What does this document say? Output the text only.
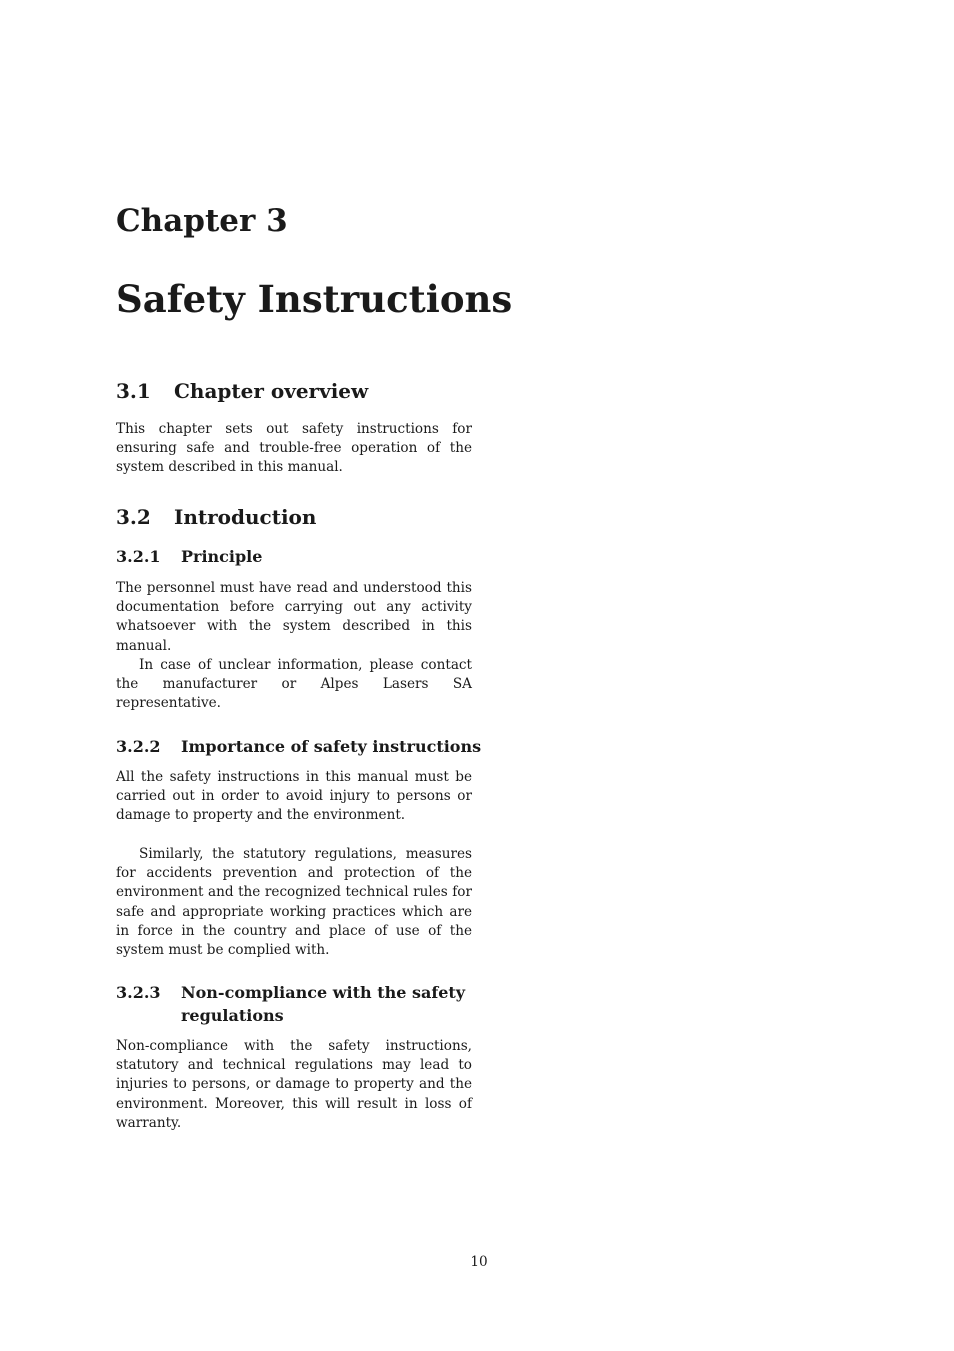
Chapter 3
Safety Instructions
3.1 Chapter overview

This chapter sets out safety instructions for ensuring safe and trouble-free operation of the system described in this manual.

3.2 Introduction
3.2.1 Principle

The personnel must have read and understood this documentation before carrying out any activity whatsoever with the system described in this manual.

In case of unclear information, please contact the manufacturer or Alpes Lasers SA representative.

3.2.2 Importance of safety instructions

All the safety instructions in this manual must be carried out in order to avoid injury to persons or damage to property and the environment.

Similarly, the statutory regulations, measures for accidents prevention and protection of the environment and the recognized technical rules for safe and appropriate working practices which are in force in the country and place of use of the system must be complied with.

3.2.3 Non-compliance with the safety regulations

Non-compliance with the safety instructions, statutory and technical regulations may lead to injuries to persons, or damage to property and the environment. Moreover, this will result in loss of warranty.

10
